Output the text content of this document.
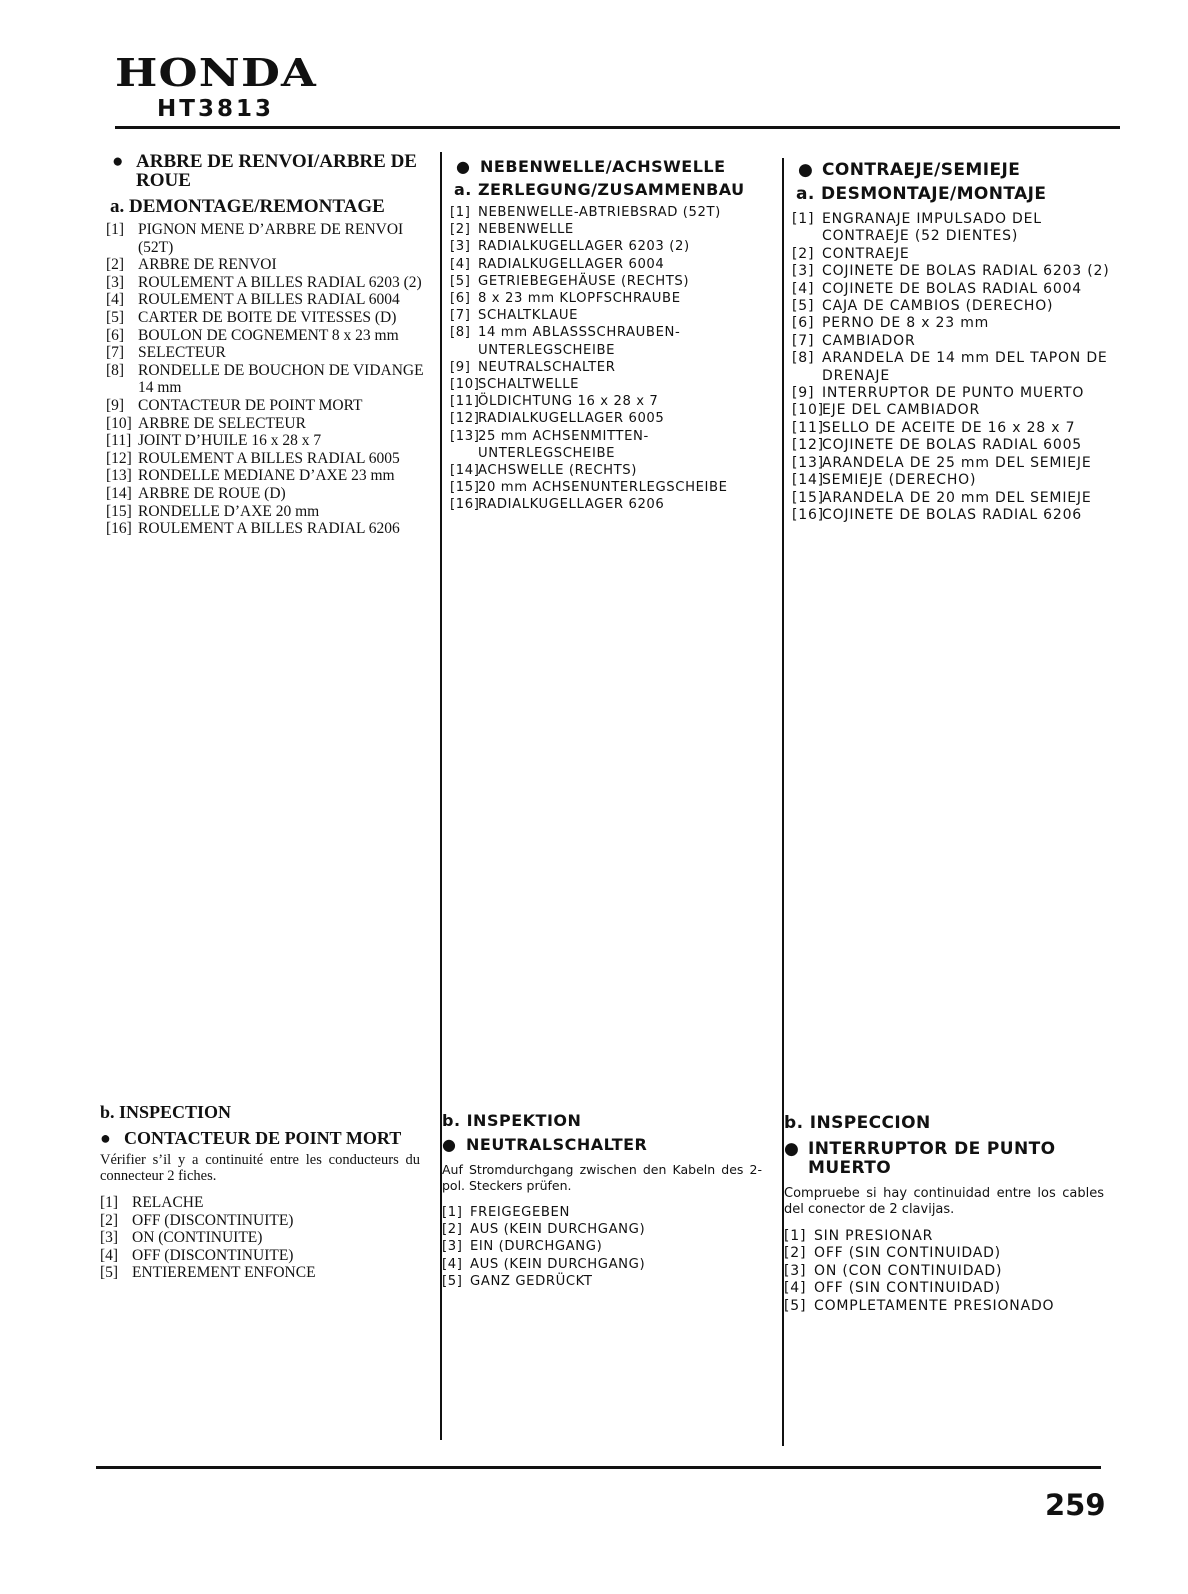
HONDA
HT3813
● ARBRE DE RENVOI/ARBRE DE ROUE
a. DEMONTAGE/REMONTAGE
[1] PIGNON MENE D’ARBRE DE RENVOI (52T)
[2] ARBRE DE RENVOI
[3] ROULEMENT A BILLES RADIAL 6203 (2)
[4] ROULEMENT A BILLES RADIAL 6004
[5] CARTER DE BOITE DE VITESSES (D)
[6] BOULON DE COGNEMENT 8 x 23 mm
[7] SELECTEUR
[8] RONDELLE DE BOUCHON DE VIDANGE 14 mm
[9] CONTACTEUR DE POINT MORT
[10] ARBRE DE SELECTEUR
[11] JOINT D’HUILE 16 x 28 x 7
[12] ROULEMENT A BILLES RADIAL 6005
[13] RONDELLE MEDIANE D’AXE 23 mm
[14] ARBRE DE ROUE (D)
[15] RONDELLE D’AXE 20 mm
[16] ROULEMENT A BILLES RADIAL 6206
● NEBENWELLE/ACHSWELLE
a. ZERLEGUNG/ZUSAMMENBAU
[1] NEBENWELLE-ABTRIEBSRAD (52T)
[2] NEBENWELLE
[3] RADIALKUGELLAGER 6203 (2)
[4] RADIALKUGELLAGER 6004
[5] GETRIEBEGEHÄUSE (RECHTS)
[6] 8 x 23 mm KLOPFSCHRAUBE
[7] SCHALTKLAUE
[8] 14 mm ABLASSSCHRAUBEN-UNTERLEGSCHEIBE
[9] NEUTRALSCHALTER
[10]
SCHALTWELLE
[11]
ÖLDICHTUNG 16 x 28 x 7
[12]
RADIALKUGELLAGER 6005
[13]
25 mm ACHSENMITTEN-UNTERLEGSCHEIBE
[14]
ACHSWELLE (RECHTS)
[15]
20 mm ACHSENUNTERLEGSCHEIBE
[16]
RADIALKUGELLAGER 6206
● CONTRAEJE/SEMIEJE
a. DESMONTAJE/MONTAJE
[1] ENGRANAJE IMPULSADO DEL CONTRAEJE (52 DIENTES)
[2] CONTRAEJE
[3] COJINETE DE BOLAS RADIAL 6203 (2)
[4] COJINETE DE BOLAS RADIAL 6004
[5] CAJA DE CAMBIOS (DERECHO)
[6] PERNO DE 8 x 23 mm
[7] CAMBIADOR
[8] ARANDELA DE 14 mm DEL TAPON DE DRENAJE
[9] INTERRUPTOR DE PUNTO MUERTO
[10]
EJE DEL CAMBIADOR
[11]
SELLO DE ACEITE DE 16 x 28 x 7
[12]
COJINETE DE BOLAS RADIAL 6005
[13]
ARANDELA DE 25 mm DEL SEMIEJE
[14]
SEMIEJE (DERECHO)
[15]
ARANDELA DE 20 mm DEL SEMIEJE
[16]
COJINETE DE BOLAS RADIAL 6206
b. INSPECTION
● CONTACTEUR DE POINT MORT
Vérifier s’il y a continuité entre les conducteurs du connecteur 2 fiches.
[1] RELACHE
[2] OFF (DISCONTINUITE)
[3] ON (CONTINUITE)
[4] OFF (DISCONTINUITE)
[5] ENTIEREMENT ENFONCE
b. INSPEKTION
● NEUTRALSCHALTER
Auf Stromdurchgang zwischen den Kabeln des 2-pol. Steckers prüfen.
[1] FREIGEGEBEN
[2] AUS (KEIN DURCHGANG)
[3] EIN (DURCHGANG)
[4] AUS (KEIN DURCHGANG)
[5] GANZ GEDRÜCKT
b. INSPECCION
● INTERRUPTOR DE PUNTO MUERTO
Compruebe si hay continuidad entre los cables del conector de 2 clavijas.
[1] SIN PRESIONAR
[2] OFF (SIN CONTINUIDAD)
[3] ON (CON CONTINUIDAD)
[4] OFF (SIN CONTINUIDAD)
[5] COMPLETAMENTE PRESIONADO
259
